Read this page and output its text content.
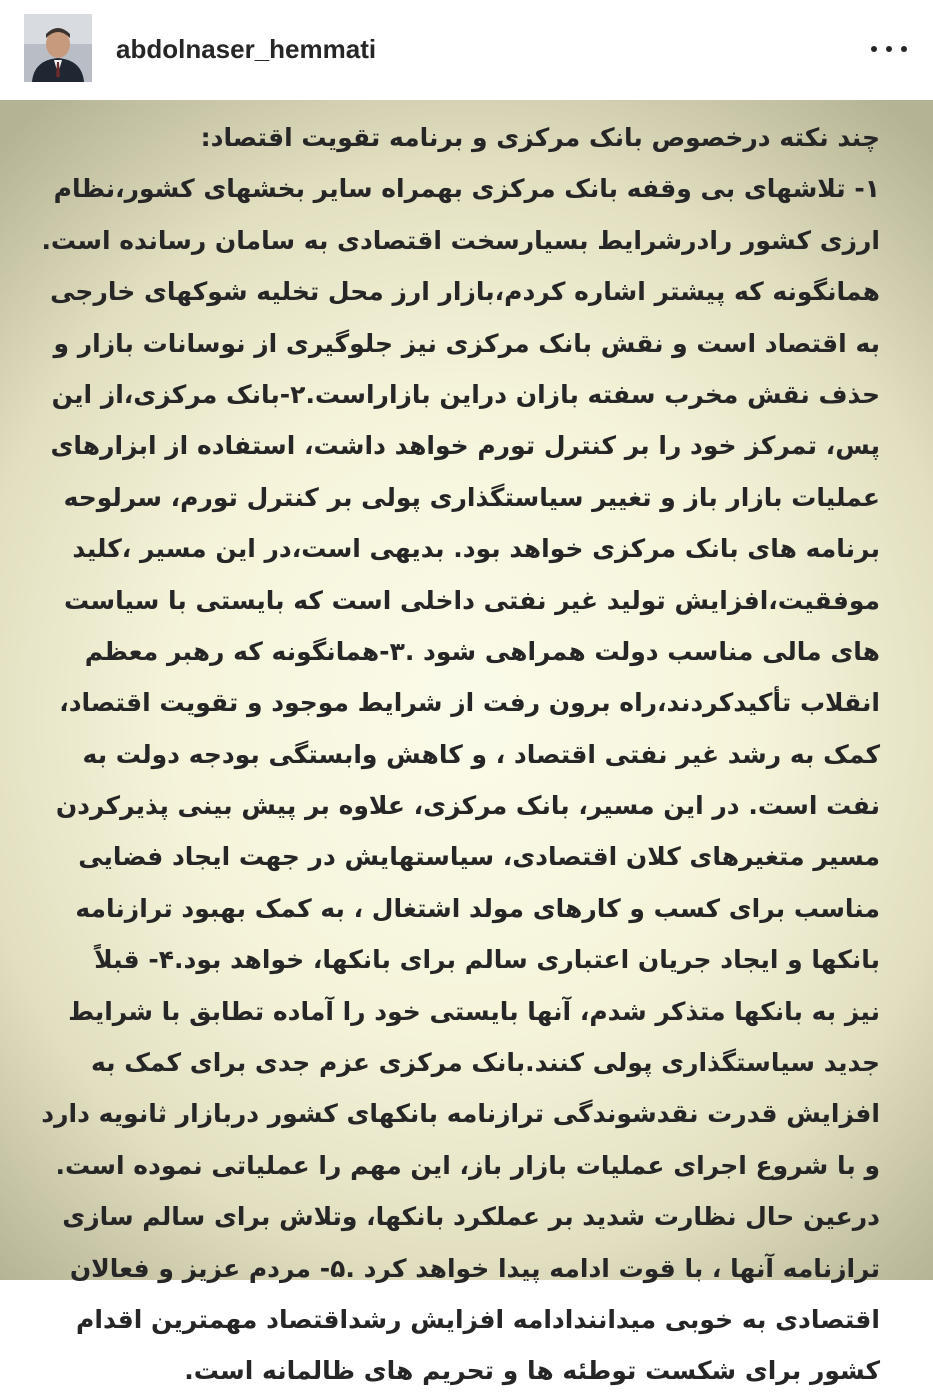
abdolnaser_hemmati
چند نکته درخصوص بانک مرکزی و برنامه تقویت اقتصاد:
۱- تلاشهای بی وقفه بانک مرکزی بهمراه سایر بخشهای کشور،نظام
ارزی کشور رادرشرایط بسیارسخت اقتصادی به سامان رسانده است.
همانگونه که پیشتر اشاره کردم،بازار ارز محل تخلیه شوکهای خارجی
به اقتصاد است و نقش بانک مرکزی نیز جلوگیری از نوسانات بازار و
حذف نقش مخرب سفته بازان دراین بازاراست.۲-بانک مرکزی،از این
پس، تمرکز خود را بر کنترل تورم خواهد داشت، استفاده از ابزارهای
عملیات بازار باز و تغییر سیاستگذاری پولی بر کنترل تورم، سرلوحه
برنامه های بانک مرکزی خواهد بود. بدیهی است،در این مسیر ،کلید
موفقیت،افزایش تولید غیر نفتی داخلی است که بایستی با سیاست
های مالی مناسب دولت همراهی شود .۳-همانگونه که رهبر معظم
انقلاب تأکیدکردند،راه برون رفت از شرایط موجود و تقویت اقتصاد،
کمک به رشد غیر نفتی اقتصاد ، و کاهش وابستگی بودجه دولت به
نفت است. در این مسیر، بانک مرکزی، علاوه بر پیش بینی پذیرکردن
مسیر متغیرهای کلان اقتصادی، سیاستهایش در جهت ایجاد فضایی
مناسب برای کسب و کارهای مولد اشتغال ، به کمک بهبود ترازنامه
بانکها و ایجاد جریان اعتباری سالم برای بانکها، خواهد بود.۴- قبلاً
نیز به بانکها متذکر شدم، آنها بایستی خود را آماده تطابق با شرایط
جدید سیاستگذاری پولی کنند.بانک مرکزی عزم جدی برای کمک به
افزایش قدرت نقدشوندگی ترازنامه بانکهای کشور دربازار ثانویه دارد
و با شروع اجرای عملیات بازار باز، این مهم را عملیاتی نموده است.
درعین حال نظارت شدید بر عملکرد بانکها، وتلاش برای سالم سازی
ترازنامه آنها ، با قوت ادامه پیدا خواهد کرد .۵- مردم عزیز و فعالان
اقتصادی به خوبی میدانندادامه افزایش رشداقتصاد مهمترین اقدام
کشور برای شکست توطئه ها و تحریم های ظالمانه است.
